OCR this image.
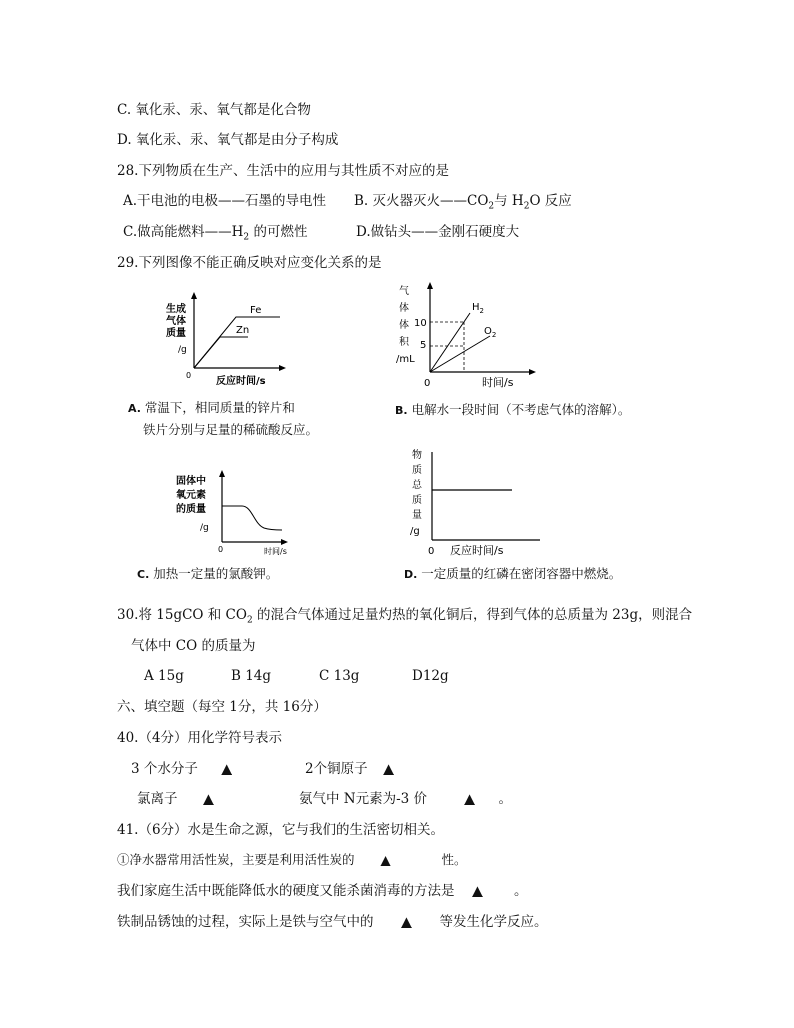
C. 氧化汞、汞、氧气都是化合物
D. 氧化汞、汞、氧气都是由分子构成
28.下列物质在生产、生活中的应用与其性质不对应的是
A.干电池的电极——石墨的导电性 B. 灭火器灭火$——CO_2$与 $H_2O$ 反应
C.做高能燃料$——H_2$ 的可燃性	D.做钻头——金刚石硬度大
29.下列图像不能正确反映对应变化关系的是
生成
气体
质量
/g
0
反应时间/s
Fe
Zn
A. 常温下，相同质量的锌片和
铁片分别与足量的稀硫酸反应。
气
体
体
积
/mL
10
5
$H_2$
$O_2$
0	时间/s
B. 电解水一段时间（不考虑气体的溶解）。
固体中
氧元素
的质量
/g
0	时间/s
C. 加热一定量的氯酸钾。
物
质
总
质
量
/g
0 反应时间/s
D. 一定质量的红磷在密闭容器中燃烧。
30.将 15gCO 和 $CO_2$ 的混合气体通过足量灼热的氧化铜后，得到气体的总质量为 23g，则混合
气体中 CO 的质量为
A 15g	B 14g	C 13g	D12g
六、填空题（每空 1分，共 16分）
40.（4分）用化学符号表示
3 个水分子 ▲	2个铜原子 ▲
氯离子 ▲	氨气中 N元素为-3 价　	▲ 。
41.（6分）水是生命之源，它与我们的生活密切相关。
①净水器常用活性炭，主要是利用活性炭的 ▲　　	性。
我们家庭生活中既能降低水的硬度又能杀菌消毒的方法是 ▲　 。
铁制品锈蚀的过程，实际上是铁与空气中的 ▲ 等发生化学反应。
